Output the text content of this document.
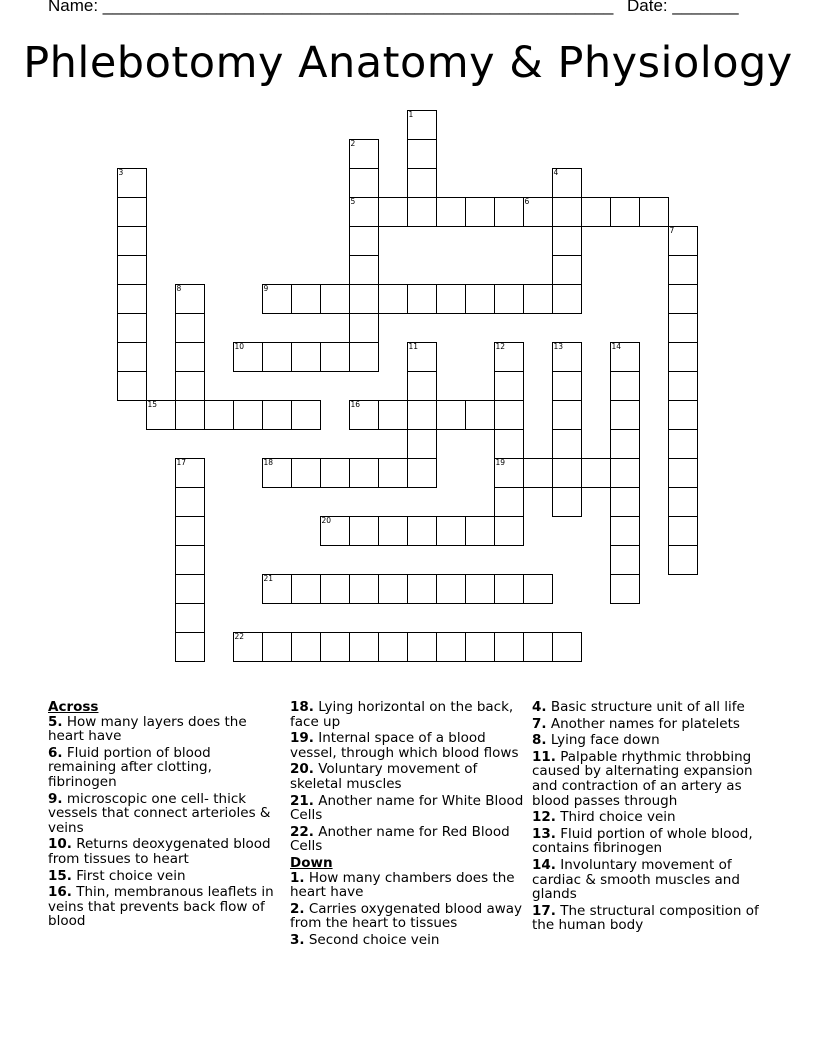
Name: ______________________________________________________ Date: _______
Phlebotomy Anatomy & Physiology
1
2
5
3	4
6
7
8	9
10	11	12
19
13	14
15	16
17	18
20
21
22
Across
5. How many layers does the heart have
6. Fluid portion of blood remaining after clotting, fibrinogen
9. microscopic one cell- thick vessels that connect arterioles & veins
10. Returns deoxygenated blood from tissues to heart
15. First choice vein
16. Thin, membranous leaflets in veins that prevents back flow of blood
18. Lying horizontal on the back, face up
19. Internal space of a blood vessel, through which blood flows
20. Voluntary movement of skeletal muscles
21. Another name for White Blood Cells
22. Another name for Red Blood Cells
Down
1. How many chambers does the heart have
2. Carries oxygenated blood away from the heart to tissues
3. Second choice vein
4. Basic structure unit of all life
7. Another names for platelets
8. Lying face down
11. Palpable rhythmic throbbing caused by alternating expansion and contraction of an artery as blood passes through
12. Third choice vein
13. Fluid portion of whole blood, contains fibrinogen
14. Involuntary movement of cardiac & smooth muscles and glands
17. The structural composition of the human body
